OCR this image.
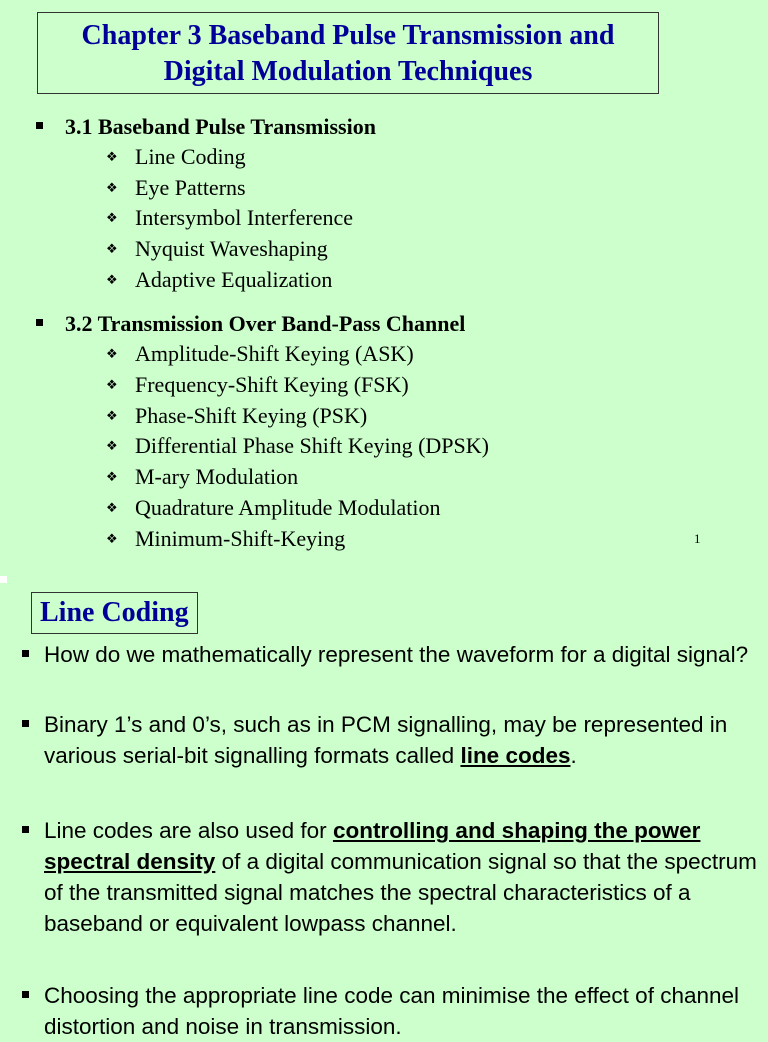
Chapter 3 Baseband Pulse Transmission and
Digital Modulation Techniques
3.1 Baseband Pulse Transmission
❖ Line Coding
❖ Eye Patterns
❖ Intersymbol Interference
❖ Nyquist Waveshaping
❖ Adaptive Equalization
3.2 Transmission Over Band-Pass Channel
❖ Amplitude-Shift Keying (ASK)
❖ Frequency-Shift Keying (FSK)
❖ Phase-Shift Keying (PSK)
❖ Differential Phase Shift Keying (DPSK)
❖ M-ary Modulation
❖ Quadrature Amplitude Modulation
❖ Minimum-Shift-Keying	1
Line Coding
How do we mathematically represent the waveform for a digital signal?
Binary 1’s and 0’s, such as in PCM signalling, may be represented in various serial-bit signalling formats called line codes.
Line codes are also used for controlling and shaping the power spectral density of a digital communication signal so that the spectrum of the transmitted signal matches the spectral characteristics of a baseband or equivalent lowpass channel.
Choosing the appropriate line code can minimise the effect of channel distortion and noise in transmission.
